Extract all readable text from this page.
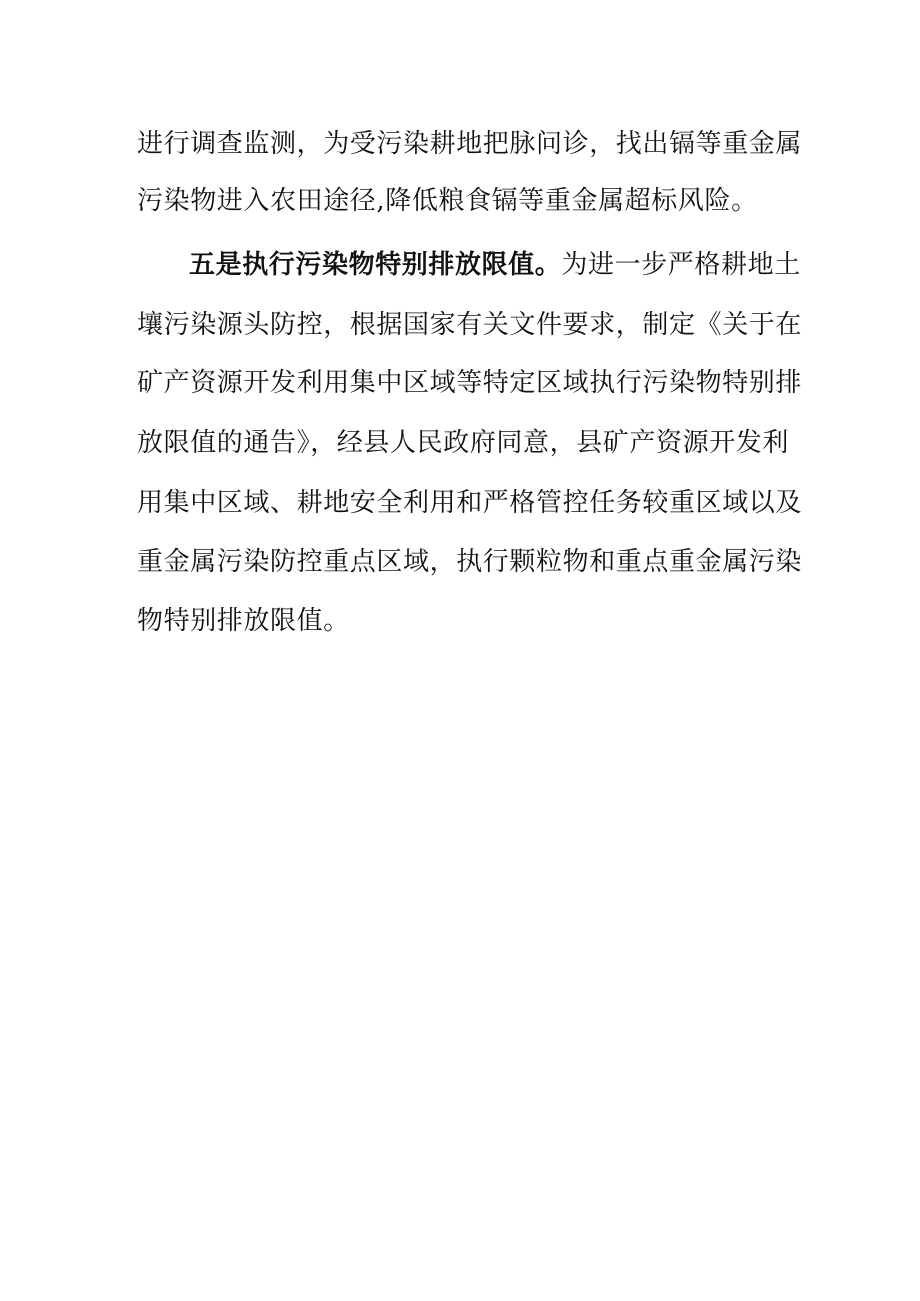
进行调查监测，为受污染耕地把脉问诊，找出镉等重金属
污染物进入农田途径,降低粮食镉等重金属超标风险。
五是执行污染物特别排放限值。为进一步严格耕地土
壤污染源头防控，根据国家有关文件要求，制定《关于在
矿产资源开发利用集中区域等特定区域执行污染物特别排
放限值的通告》，经县人民政府同意，县矿产资源开发利
用集中区域、耕地安全利用和严格管控任务较重区域以及
重金属污染防控重点区域，执行颗粒物和重点重金属污染
物特别排放限值。
